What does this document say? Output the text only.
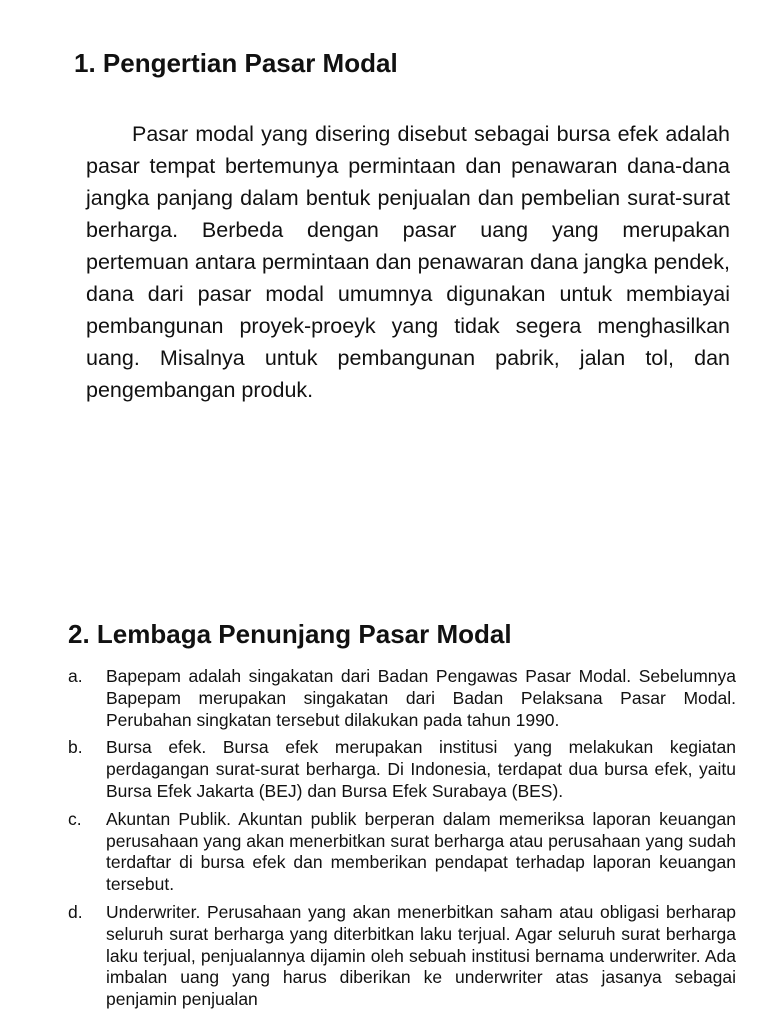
1. Pengertian Pasar Modal
Pasar modal yang disering disebut sebagai bursa efek adalah pasar tempat bertemunya permintaan dan penawaran dana-dana jangka panjang dalam bentuk penjualan dan pembelian surat-surat berharga. Berbeda dengan pasar uang yang merupakan pertemuan antara permintaan dan penawaran dana jangka pendek, dana dari pasar modal umumnya digunakan untuk membiayai pembangunan proyek-proeyk yang tidak segera menghasilkan uang. Misalnya untuk pembangunan pabrik, jalan tol, dan pengembangan produk.
2. Lembaga Penunjang Pasar Modal
a. Bapepam adalah singakatan dari Badan Pengawas Pasar Modal. Sebelumnya Bapepam merupakan singakatan dari Badan Pelaksana Pasar Modal. Perubahan singkatan tersebut dilakukan pada tahun 1990.
b. Bursa efek. Bursa efek merupakan institusi yang melakukan kegiatan perdagangan surat-surat berharga. Di Indonesia, terdapat dua bursa efek, yaitu Bursa Efek Jakarta (BEJ) dan Bursa Efek Surabaya (BES).
c. Akuntan Publik. Akuntan publik berperan dalam memeriksa laporan keuangan perusahaan yang akan menerbitkan surat berharga atau perusahaan yang sudah terdaftar di bursa efek dan memberikan pendapat terhadap laporan keuangan tersebut.
d. Underwriter. Perusahaan yang akan menerbitkan saham atau obligasi berharap seluruh surat berharga yang diterbitkan laku terjual. Agar seluruh surat berharga laku terjual, penjualannya dijamin oleh sebuah institusi bernama underwriter. Ada imbalan uang yang harus diberikan ke underwriter atas jasanya sebagai penjamin penjualan
